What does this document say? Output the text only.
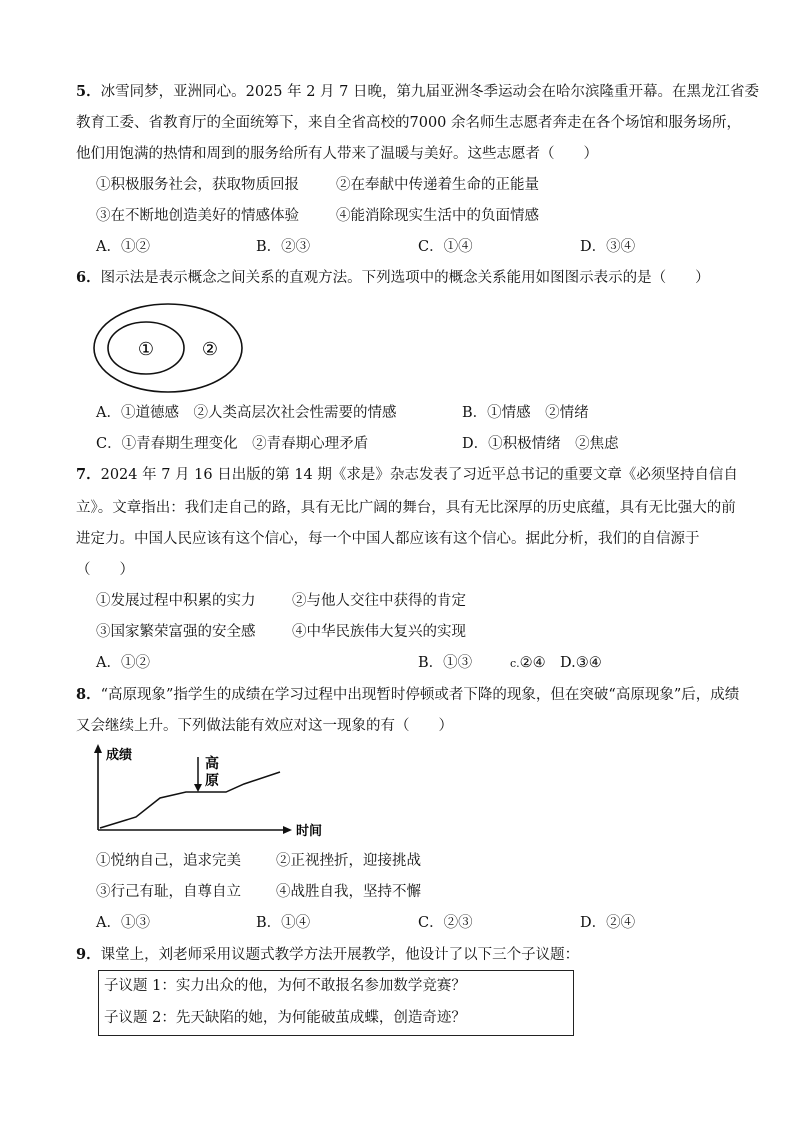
5．冰雪同梦，亚洲同心。2025 年 2 月 7 日晚，第九届亚洲冬季运动会在哈尔滨隆重开幕。在黑龙江省委
教育工委、省教育厅的全面统筹下，来自全省高校的7000 余名师生志愿者奔走在各个场馆和服务场所，
他们用饱满的热情和周到的服务给所有人带来了温暖与美好。这些志愿者（　　）
①积极服务社会，获取物质回报	②在奉献中传递着生命的正能量
③在不断地创造美好的情感体验	④能消除现实生活中的负面情感
A．①②	B．②③	C．①④	D．③④
6．图示法是表示概念之间关系的直观方法。下列选项中的概念关系能用如图图示表示的是（　　）
①	②
A．①道德感　②人类高层次社会性需要的情感	B．①情感　②情绪
C．①青春期生理变化　②青春期心理矛盾	D．①积极情绪　②焦虑
7．2024 年 7 月 16 日出版的第 14 期《求是》杂志发表了习近平总书记的重要文章《必须坚持自信自
立》。文章指出：我们走自己的路，具有无比广阔的舞台，具有无比深厚的历史底蕴，具有无比强大的前
进定力。中国人民应该有这个信心，每一个中国人都应该有这个信心。据此分析，我们的自信源于
（　　）
①发展过程中积累的实力	②与他人交往中获得的肯定
③国家繁荣富强的安全感	④中华民族伟大复兴的实现
A．①②	B．①③	c.②④ D.③④
8．“高原现象”指学生的成绩在学习过程中出现暂时停顿或者下降的现象，但在突破“高原现象”后，成绩
又会继续上升。下列做法能有效应对这一现象的有（　　）
成绩
时间
高
原
①悦纳自己，追求完美 ②正视挫折，迎接挑战
③行己有耻，自尊自立 ④战胜自我，坚持不懈
A．①③	B．①④	C．②③	D．②④
9．课堂上，刘老师采用议题式教学方法开展教学，他设计了以下三个子议题：
子议题 1：实力出众的他，为何不敢报名参加数学竞赛？
子议题 2：先天缺陷的她，为何能破茧成蝶，创造奇迹？
